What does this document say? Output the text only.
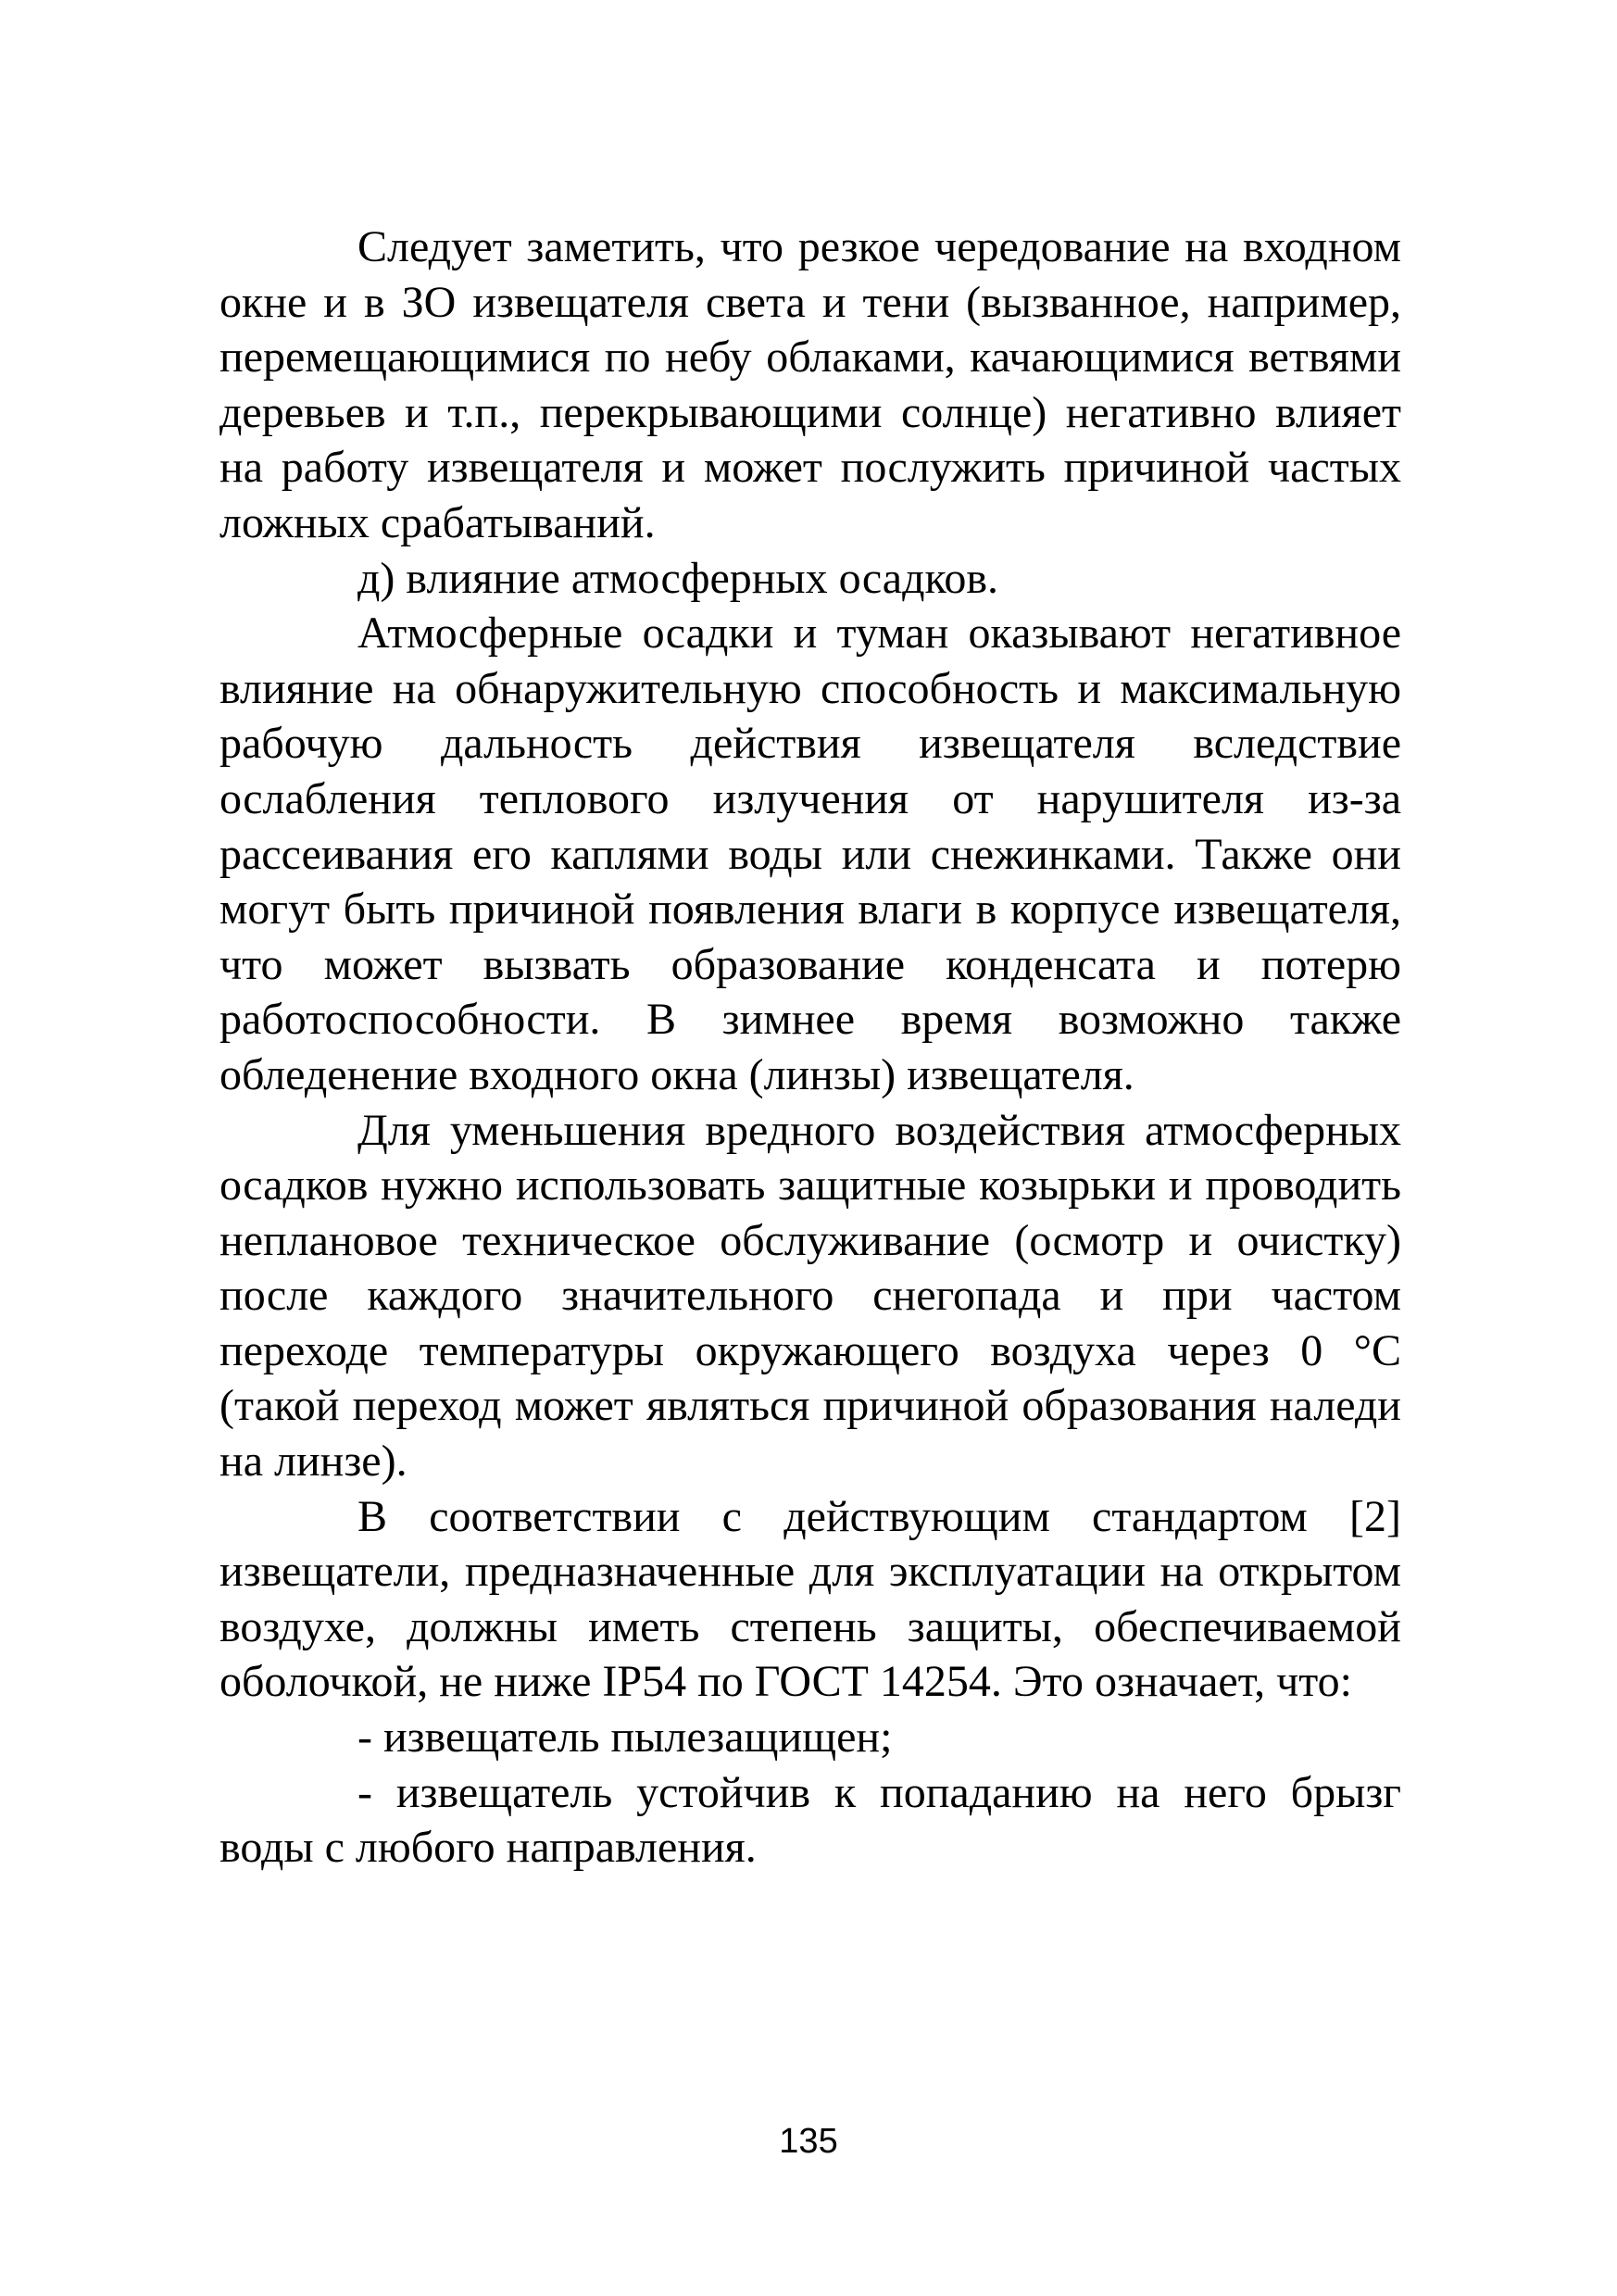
Следует заметить, что резкое чередование на входном окне и в ЗО извещателя света и тени (вызванное, например, перемещающимися по небу облаками, качающимися ветвями деревьев и т.п., перекрывающими солнце) негативно влияет на работу извещателя и может послужить причиной частых ложных срабатываний.

д) влияние атмосферных осадков.

Атмосферные осадки и туман оказывают негативное влияние на обнаружительную способность и максимальную рабочую дальность действия извещателя вследствие ослабления теплового излучения от нарушителя из-за рассеивания его каплями воды или снежинками. Также они могут быть причиной появления влаги в корпусе извещателя, что может вызвать образование конденсата и потерю работоспособности. В зимнее время возможно также обледенение входного окна (линзы) извещателя.

Для уменьшения вредного воздействия атмосферных осадков нужно использовать защитные козырьки и проводить неплановое техническое обслуживание (осмотр и очистку) после каждого значительного снегопада и при частом переходе температуры окружающего воздуха через 0 °С (такой переход может являться причиной образования наледи на линзе).

В соответствии с действующим стандартом [2] извещатели, предназначенные для эксплуатации на открытом воздухе, должны иметь степень защиты, обеспечиваемой оболочкой, не ниже IP54 по ГОСТ 14254. Это означает, что:

- извещатель пылезащищен;

- извещатель устойчив к попаданию на него брызг воды с любого направления.

135
